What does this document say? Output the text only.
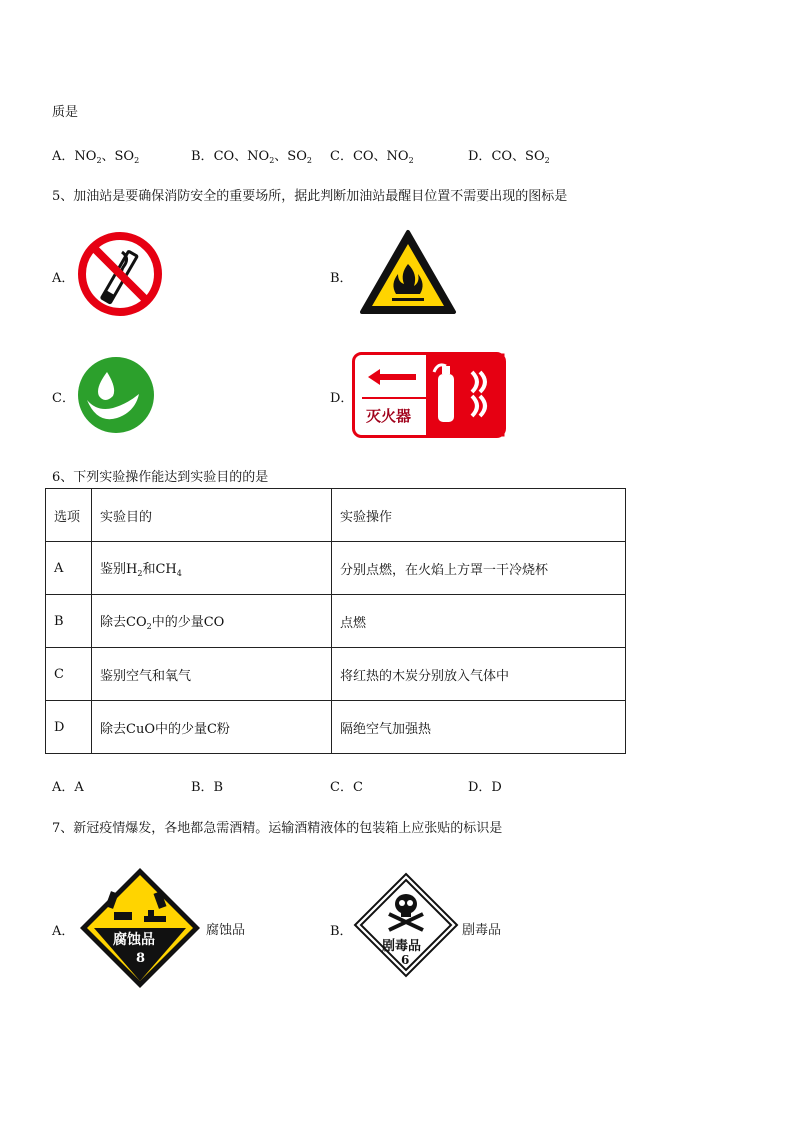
质是
A．$NO_2$、$SO_2$	B．CO、$NO_2$、$SO_2$ C．CO、$NO_2$	D．CO、$SO_2$
5、加油站是要确保消防安全的重要场所，据此判断加油站最醒目位置不需要出现的图标是
A．	B．
C．	D．
灭火器
6、下列实验操作能达到实验目的的是
选项	实验目的	实验操作
A	鉴别$H_2$和$CH_4$	分别点燃，在火焰上方罩一干冷烧杯
B	除去$CO_2$中的少量CO	点燃
C	鉴别空气和氧气	将红热的木炭分别放入气体中
D	除去CuO中的少量C粉	隔绝空气加强热
A．A	B．B	C．C	D．D
7、新冠疫情爆发，各地都急需酒精。运输酒精液体的包装箱上应张贴的标识是
A．
腐蚀品
8
腐蚀品	B．
剧毒品
6
剧毒品
